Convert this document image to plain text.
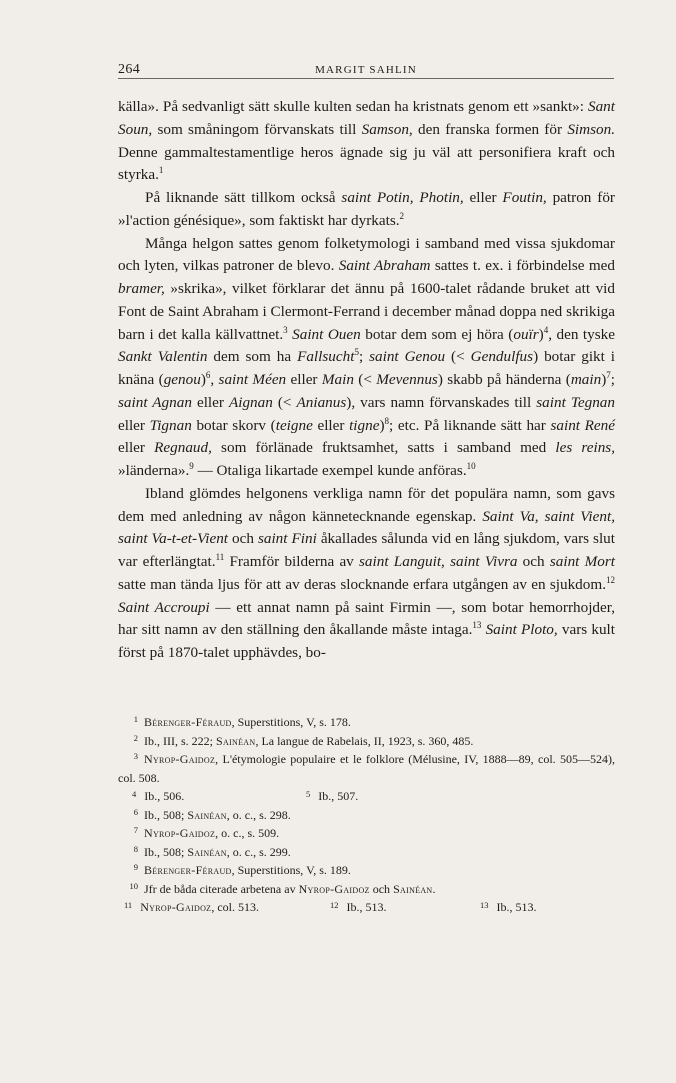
264	MARGIT SAHLIN

källa». På sedvanligt sätt skulle kulten sedan ha kristnats genom ett »sankt»: Sant Soun, som småningom förvanskats till Samson, den franska formen för Simson. Denne gammaltestamentlige heros ägnade sig ju väl att personifiera kraft och styrka.$^1$

På liknande sätt tillkom också saint Potin, Photin, eller Foutin, patron för »l'action génésique», som faktiskt har dyrkats.$^2$

Många helgon sattes genom folketymologi i samband med vissa sjukdomar och lyten, vilkas patroner de blevo. Saint Abraham sattes t. ex. i förbindelse med bramer, »skrika», vilket förklarar det ännu på 1600-talet rådande bruket att vid Font de Saint Abraham i Clermont-Ferrand i december månad doppa ned skrikiga barn i det kalla källvattnet.$^3$ Saint Ouen botar dem som ej höra (ouïr)$^4$, den tyske Sankt Valentin dem som ha Fallsucht$^5$; saint Genou (< Gendulfus) botar gikt i knäna (genou)$^6$, saint Méen eller Main (< Mevennus) skabb på händerna (main)$^7$; saint Agnan eller Aignan (< Anianus), vars namn förvanskades till saint Tegnan eller Tignan botar skorv (teigne eller tigne)$^8$; etc. På liknande sätt har saint René eller Regnaud, som förlänade fruktsamhet, satts i samband med les reins, »länderna».$^9$ — Otaliga likartade exempel kunde anföras.$^{10}$

Ibland glömdes helgonens verkliga namn för det populära namn, som gavs dem med anledning av någon kännetecknande egenskap. Saint Va, saint Vient, saint Va-t-et-Vient och saint Fini åkallades sålunda vid en lång sjukdom, vars slut var efterlängtat.$^{11}$ Framför bilderna av saint Languit, saint Vivra och saint Mort satte man tända ljus för att av deras slocknande erfara utgången av en sjukdom.$^{12}$ Saint Accroupi — ett annat namn på saint Firmin —, som botar hemorrhojder, har sitt namn av den ställning den åkallande måste intaga.$^{13}$ Saint Ploto, vars kult först på 1870-talet upphävdes, bo-

1 Bérenger-Féraud, Superstitions, V, s. 178.
2 Ib., III, s. 222; Sainéan, La langue de Rabelais, II, 1923, s. 360, 485.
3 Nyrop-Gaidoz, L'étymologie populaire et le folklore (Mélusine, IV, 1888—89, col. 505—524), col. 508.
$^4$ Ib., 506.	$^5$ Ib., 507.
6 Ib., 508; Sainéan, o. c., s. 298.
7 Nyrop-Gaidoz, o. c., s. 509.
8 Ib., 508; Sainéan, o. c., s. 299.
9 Bérenger-Féraud, Superstitions, V, s. 189.
10 Jfr de båda citerade arbetena av Nyrop-Gaidoz och Sainéan.
$^{11}$ Nyrop-Gaidoz, col. 513.	$^{12}$ Ib., 513.	$^{13}$ Ib., 513.
